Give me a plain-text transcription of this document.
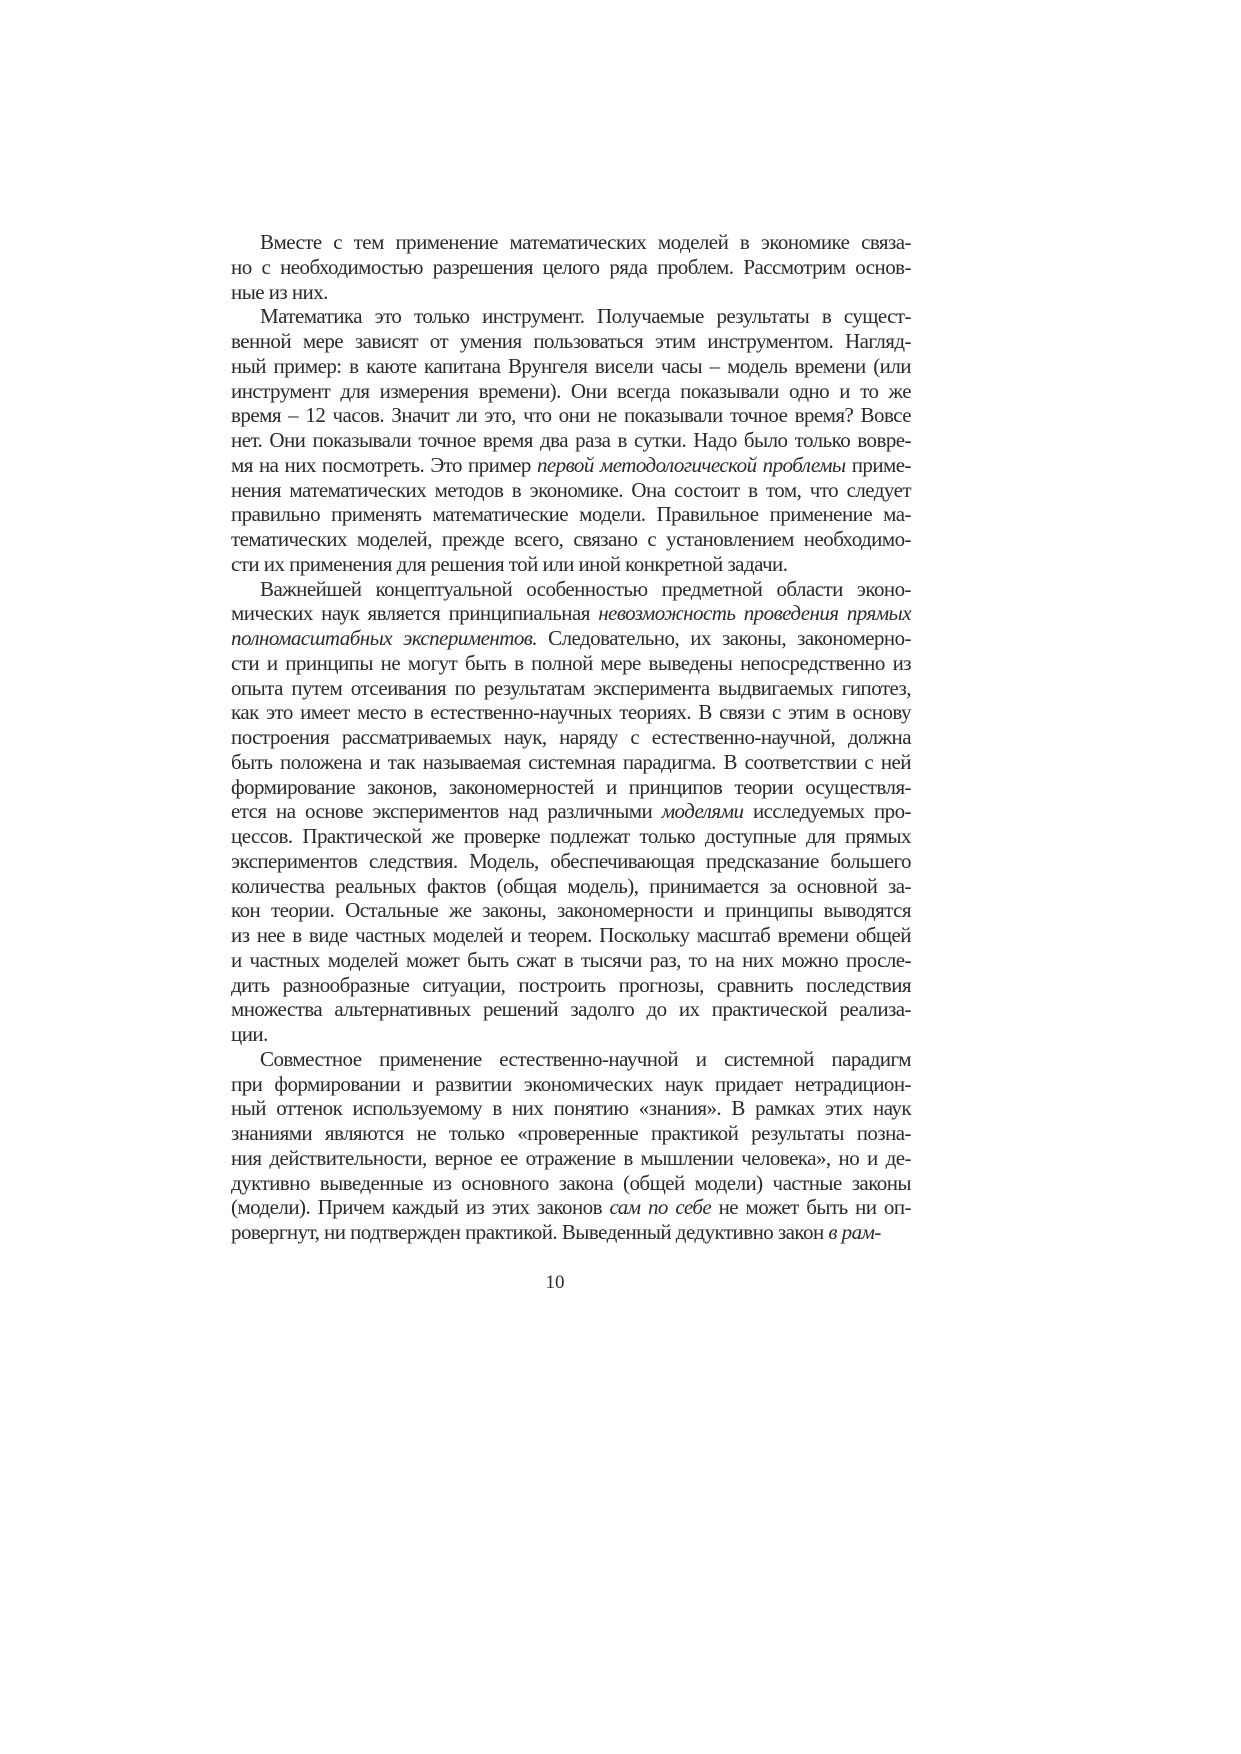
Вместе с тем применение математических моделей в экономике связа-
но с необходимостью разрешения целого ряда проблем. Рассмотрим основ-
ные из них.
Математика это только инструмент. Получаемые результаты в сущест-
венной мере зависят от умения пользоваться этим инструментом. Нагляд-
ный пример: в каюте капитана Врунгеля висели часы – модель времени (или
инструмент для измерения времени). Они всегда показывали одно и то же
время – 12 часов. Значит ли это, что они не показывали точное время? Вовсе
нет. Они показывали точное время два раза в сутки. Надо было только вовре-
мя на них посмотреть. Это пример первой методологической проблемы приме-
нения математических методов в экономике. Она состоит в том, что следует
правильно применять математические модели. Правильное применение ма-
тематических моделей, прежде всего, связано с установлением необходимо-
сти их применения для решения той или иной конкретной задачи.
Важнейшей концептуальной особенностью предметной области эконо-
мических наук является принципиальная невозможность проведения прямых
полномасштабных экспериментов. Следовательно, их законы, закономерно-
сти и принципы не могут быть в полной мере выведены непосредственно из
опыта путем отсеивания по результатам эксперимента выдвигаемых гипотез,
как это имеет место в естественно-научных теориях. В связи с этим в основу
построения рассматриваемых наук, наряду с естественно-научной, должна
быть положена и так называемая системная парадигма. В соответствии с ней
формирование законов, закономерностей и принципов теории осуществля-
ется на основе экспериментов над различными моделями исследуемых про-
цессов. Практической же проверке подлежат только доступные для прямых
экспериментов следствия. Модель, обеспечивающая предсказание большего
количества реальных фактов (общая модель), принимается за основной за-
кон теории. Остальные же законы, закономерности и принципы выводятся
из нее в виде частных моделей и теорем. Поскольку масштаб времени общей
и частных моделей может быть сжат в тысячи раз, то на них можно просле-
дить разнообразные ситуации, построить прогнозы, сравнить последствия
множества альтернативных решений задолго до их практической реализа-
ции.
Совместное применение естественно-научной и системной парадигм
при формировании и развитии экономических наук придает нетрадицион-
ный оттенок используемому в них понятию «знания». В рамках этих наук
знаниями являются не только «проверенные практикой результаты позна-
ния действительности, верное ее отражение в мышлении человека», но и де-
дуктивно выведенные из основного закона (общей модели) частные законы
(модели). Причем каждый из этих законов сам по себе не может быть ни оп-
ровергнут, ни подтвержден практикой. Выведенный дедуктивно закон в рам-
10
